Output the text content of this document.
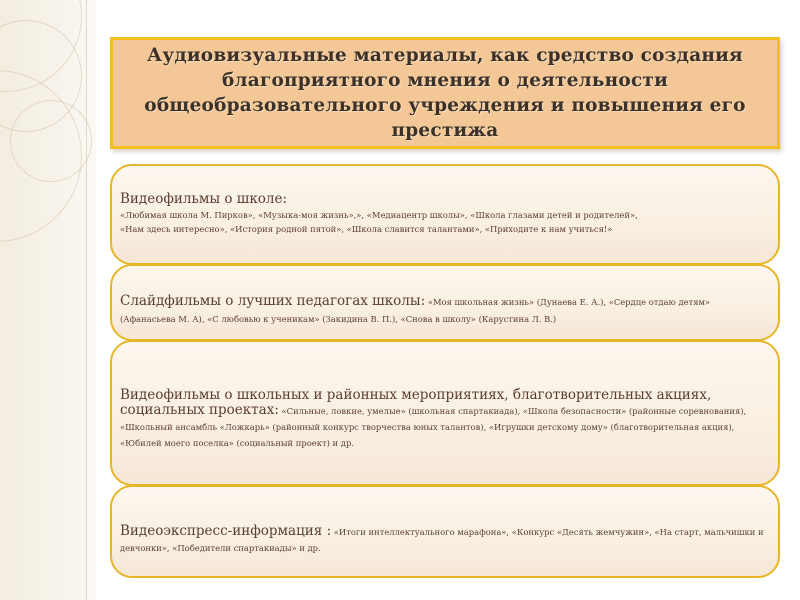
Аудиовизуальные материалы, как средство создания благоприятного мнения о деятельности общеобразовательного учреждения и повышения его престижа
Видеофильмы о школе:
«Любимая школа М. Пирков», «Музыка-моя жизнь»,», «Медиацентр школы», «Школа глазами детей и родителей»,
«Нам здесь интересно», «История родной пятой», «Школа славится талантами», «Приходите к нам учиться!»
Слайдфильмы о лучших педагогах школы: «Моя школьная жизнь» (Дунаева Е. А.), «Сердце отдаю детям» (Афанасьева М. А), «С любовью к ученикам» (Закидина В. П.), «Снова в школу» (Карустина Л. В.)
Видеофильмы о школьных и районных мероприятиях, благотворительных акциях, социальных проектах: «Сильные, ловкие, умелые» (школьная спартакиада), «Школа безопасности» (районные соревнования), «Школьный ансамбль «Ложкарь» (районный конкурс творчества юных талантов), «Игрушки детскому дому» (благотворительная акция), «Юбилей моего поселка» (социальный проект) и др.
Видеоэкспресс-информация : «Итоги интеллектуального марафона», «Конкурс «Десять жемчужин», «На старт, мальчишки и девчонки», «Победители спартакиады» и др.
